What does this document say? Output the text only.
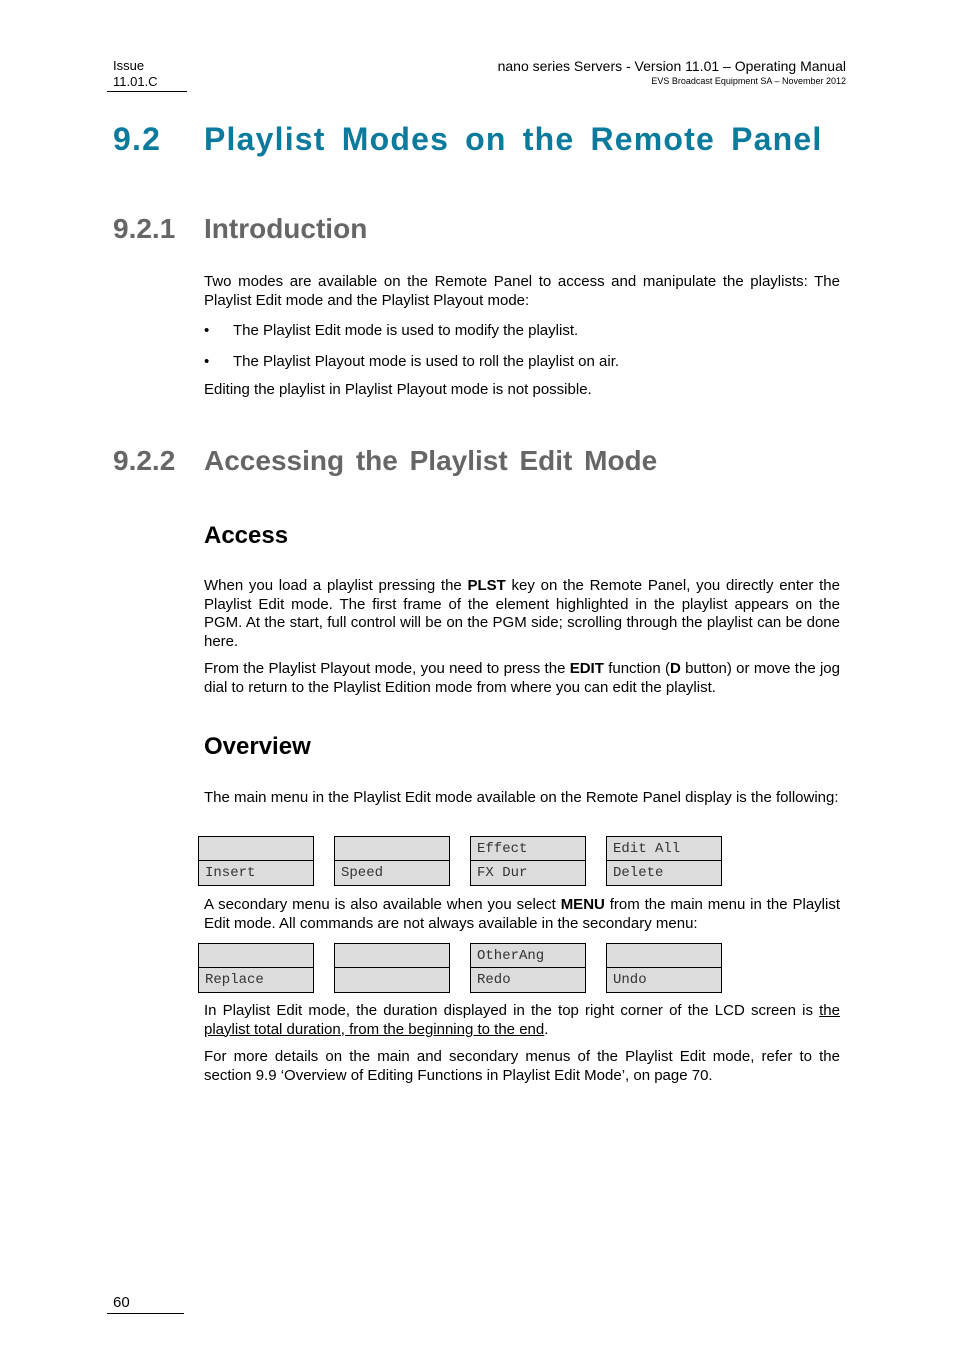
Issue
11.01.C
nano series Servers - Version 11.01 – Operating Manual
EVS Broadcast Equipment SA – November 2012
9.2 Playlist Modes on the Remote Panel
9.2.1 Introduction
Two modes are available on the Remote Panel to access and manipulate the playlists: The Playlist Edit mode and the Playlist Playout mode:
• The Playlist Edit mode is used to modify the playlist.
• The Playlist Playout mode is used to roll the playlist on air.
Editing the playlist in Playlist Playout mode is not possible.
9.2.2 Accessing the Playlist Edit Mode
Access
When you load a playlist pressing the PLST key on the Remote Panel, you directly enter the Playlist Edit mode. The first frame of the element highlighted in the playlist appears on the PGM. At the start, full control will be on the PGM side; scrolling through the playlist can be done here.
From the Playlist Playout mode, you need to press the EDIT function (D button) or move the jog dial to return to the Playlist Edition mode from where you can edit the playlist.
Overview
The main menu in the Playlist Edit mode available on the Remote Panel display is the following:
Insert	Speed
Effect
FX Dur
Edit All
Delete
A secondary menu is also available when you select MENU from the main menu in the Playlist Edit mode. All commands are not always available in the secondary menu:
Replace
OtherAng
Redo	Undo
In Playlist Edit mode, the duration displayed in the top right corner of the LCD screen is the playlist total duration, from the beginning to the end.
For more details on the main and secondary menus of the Playlist Edit mode, refer to the section 9.9 ‘Overview of Editing Functions in Playlist Edit Mode’, on page 70.
60
